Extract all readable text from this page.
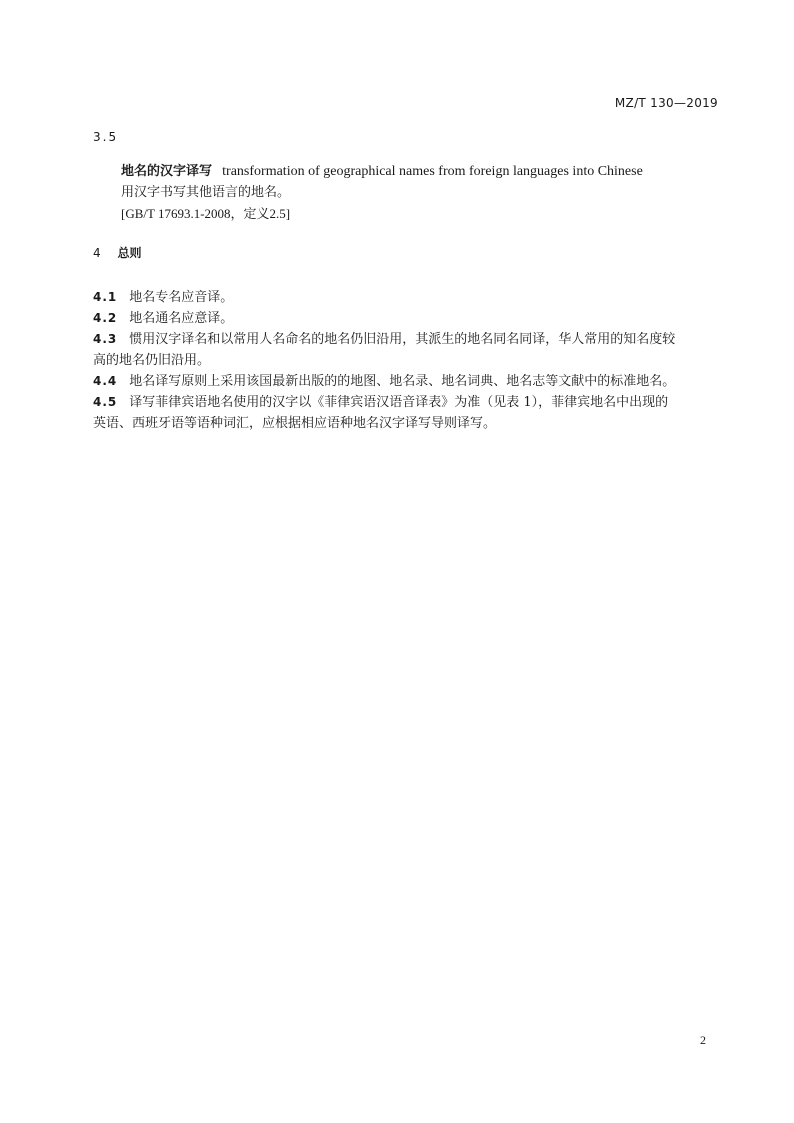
MZ/T 130—2019
3.5
地名的汉字译写 transformation of geographical names from foreign languages into Chinese
用汉字书写其他语言的地名。
[GB/T 17693.1-2008，定义2.5]
4 总则
4.1 地名专名应音译。
4.2 地名通名应意译。
4.3 惯用汉字译名和以常用人名命名的地名仍旧沿用，其派生的地名同名同译，华人常用的知名度较
高的地名仍旧沿用。
4.4 地名译写原则上采用该国最新出版的的地图、地名录、地名词典、地名志等文献中的标准地名。
4.5 译写菲律宾语地名使用的汉字以《菲律宾语汉语音译表》为准（见表 1），菲律宾地名中出现的
英语、西班牙语等语种词汇，应根据相应语种地名汉字译写导则译写。
2
